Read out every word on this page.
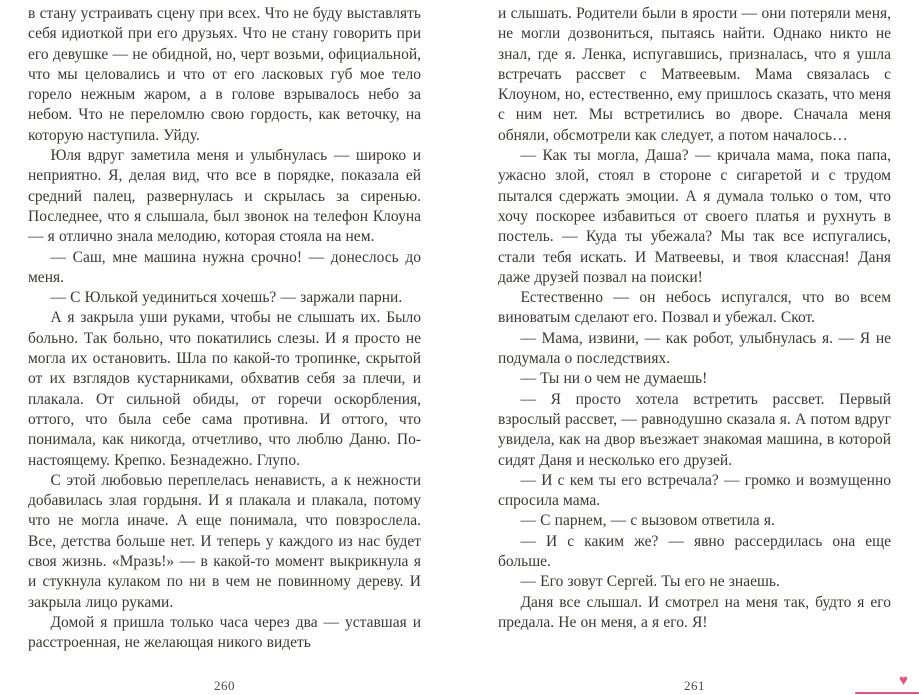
в стану устраивать сцену при всех. Что не буду выставлять себя идиоткой при его друзьях. Что не стану говорить при его девушке — не обидной, но, черт возьми, официальной, что мы целовались и что от его ласковых губ мое тело горело нежным жаром, а в голове взрывалось небо за небом. Что не переломлю свою гордость, как веточку, на которую наступила. Уйду.

Юля вдруг заметила меня и улыбнулась — широко и неприятно. Я, делая вид, что все в порядке, показала ей средний палец, развернулась и скрылась за сиренью. Последнее, что я слышала, был звонок на телефон Клоуна — я отлично знала мелодию, которая стояла на нем.

— Саш, мне машина нужна срочно! — донеслось до меня.

— С Юлькой уединиться хочешь? — заржали парни.

А я закрыла уши руками, чтобы не слышать их. Было больно. Так больно, что покатились слезы. И я просто не могла их остановить. Шла по какой-то тропинке, скрытой от их взглядов кустарниками, обхватив себя за плечи, и плакала. От сильной обиды, от горечи оскорбления, оттого, что была себе сама противна. И оттого, что понимала, как никогда, отчетливо, что люблю Даню. По-настоящему. Крепко. Безнадежно. Глупо.

С этой любовью переплелась ненависть, а к нежности добавилась злая гордыня. И я плакала и плакала, потому что не могла иначе. А еще понимала, что повзрослела. Все, детства больше нет. И теперь у каждого из нас будет своя жизнь. «Мразь!» — в какой-то момент выкрикнула я и стукнула кулаком по ни в чем не повинному дереву. И закрыла лицо руками.

Домой я пришла только часа через два — уставшая и расстроенная, не желающая никого видеть

260

и слышать. Родители были в ярости — они потеряли меня, не могли дозвониться, пытаясь найти. Однако никто не знал, где я. Ленка, испугавшись, призналась, что я ушла встречать рассвет с Матвеевым. Мама связалась с Клоуном, но, естественно, ему пришлось сказать, что меня с ним нет. Мы встретились во дворе. Сначала меня обняли, обсмотрели как следует, а потом началось…

— Как ты могла, Даша? — кричала мама, пока папа, ужасно злой, стоял в стороне с сигаретой и с трудом пытался сдержать эмоции. А я думала только о том, что хочу поскорее избавиться от своего платья и рухнуть в постель. — Куда ты убежала? Мы так все испугались, стали тебя искать. И Матвеевы, и твоя классная! Даня даже друзей позвал на поиски!

Естественно — он небось испугался, что во всем виноватым сделают его. Позвал и убежал. Скот.

— Мама, извини, — как робот, улыбнулась я. — Я не подумала о последствиях.

— Ты ни о чем не думаешь!

— Я просто хотела встретить рассвет. Первый взрослый рассвет, — равнодушно сказала я. А потом вдруг увидела, как на двор въезжает знакомая машина, в которой сидят Даня и несколько его друзей.

— И с кем ты его встречала? — громко и возмущенно спросила мама.

— С парнем, — с вызовом ответила я.

— И с каким же? — явно рассердилась она еще больше.

— Его зовут Сергей. Ты его не знаешь.

Даня все слышал. И смотрел на меня так, будто я его предала. Не он меня, а я его. Я!

261	♥
